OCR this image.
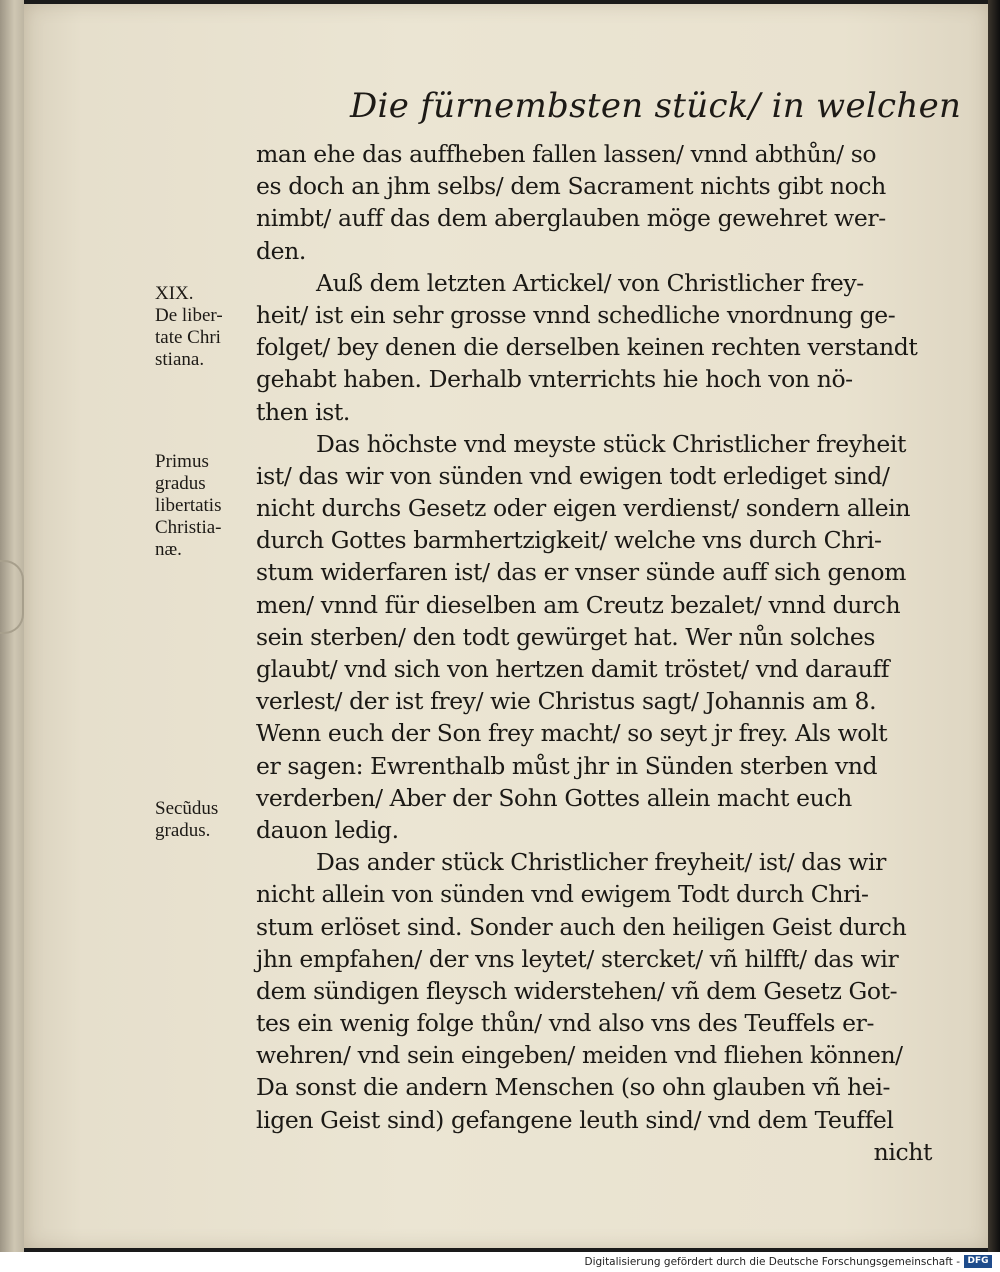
Die fürnembsten stück/ in welchen
man ehe das auffheben fallen lassen/ vnnd abthůn/ so
es doch an jhm selbs/ dem Sacrament nichts gibt noch
nimbt/ auff das dem aberglauben möge gewehret wer-
den.
Auß dem letzten Artickel/ von Christlicher frey-
heit/ ist ein sehr grosse vnnd schedliche vnordnung ge-
folget/ bey denen die derselben keinen rechten verstandt
gehabt haben. Derhalb vnterrichts hie hoch von nö-
then ist.
Das höchste vnd meyste stück Christlicher freyheit
ist/ das wir von sünden vnd ewigen todt erlediget sind/
nicht durchs Gesetz oder eigen verdienst/ sondern allein
durch Gottes barmhertzigkeit/ welche vns durch Chri-
stum widerfaren ist/ das er vnser sünde auff sich genom
men/ vnnd für dieselben am Creutz bezalet/ vnnd durch
sein sterben/ den todt gewürget hat. Wer nůn solches
glaubt/ vnd sich von hertzen damit tröstet/ vnd darauff
verlest/ der ist frey/ wie Christus sagt/ Johannis am 8.
Wenn euch der Son frey macht/ so seyt jr frey. Als wolt
er sagen: Ewrenthalb můst jhr in Sünden sterben vnd
verderben/ Aber der Sohn Gottes allein macht euch
dauon ledig.
Das ander stück Christlicher freyheit/ ist/ das wir
nicht allein von sünden vnd ewigem Todt durch Chri-
stum erlöset sind. Sonder auch den heiligen Geist durch
jhn empfahen/ der vns leytet/ stercket/ vñ hilfft/ das wir
dem sündigen fleysch widerstehen/ vñ dem Gesetz Got-
tes ein wenig folge thůn/ vnd also vns des Teuffels er-
wehren/ vnd sein eingeben/ meiden vnd fliehen können/
Da sonst die andern Menschen (so ohn glauben vñ hei-
ligen Geist sind) gefangene leuth sind/ vnd dem Teuffel
nicht
XIX.
De liber-
tate Chri
stiana.
Primus
gradus
libertatis
Christia-
næ.
Secũdus
gradus.
Digitalisierung gefördert durch die Deutsche Forschungsgemeinschaft - DFG
